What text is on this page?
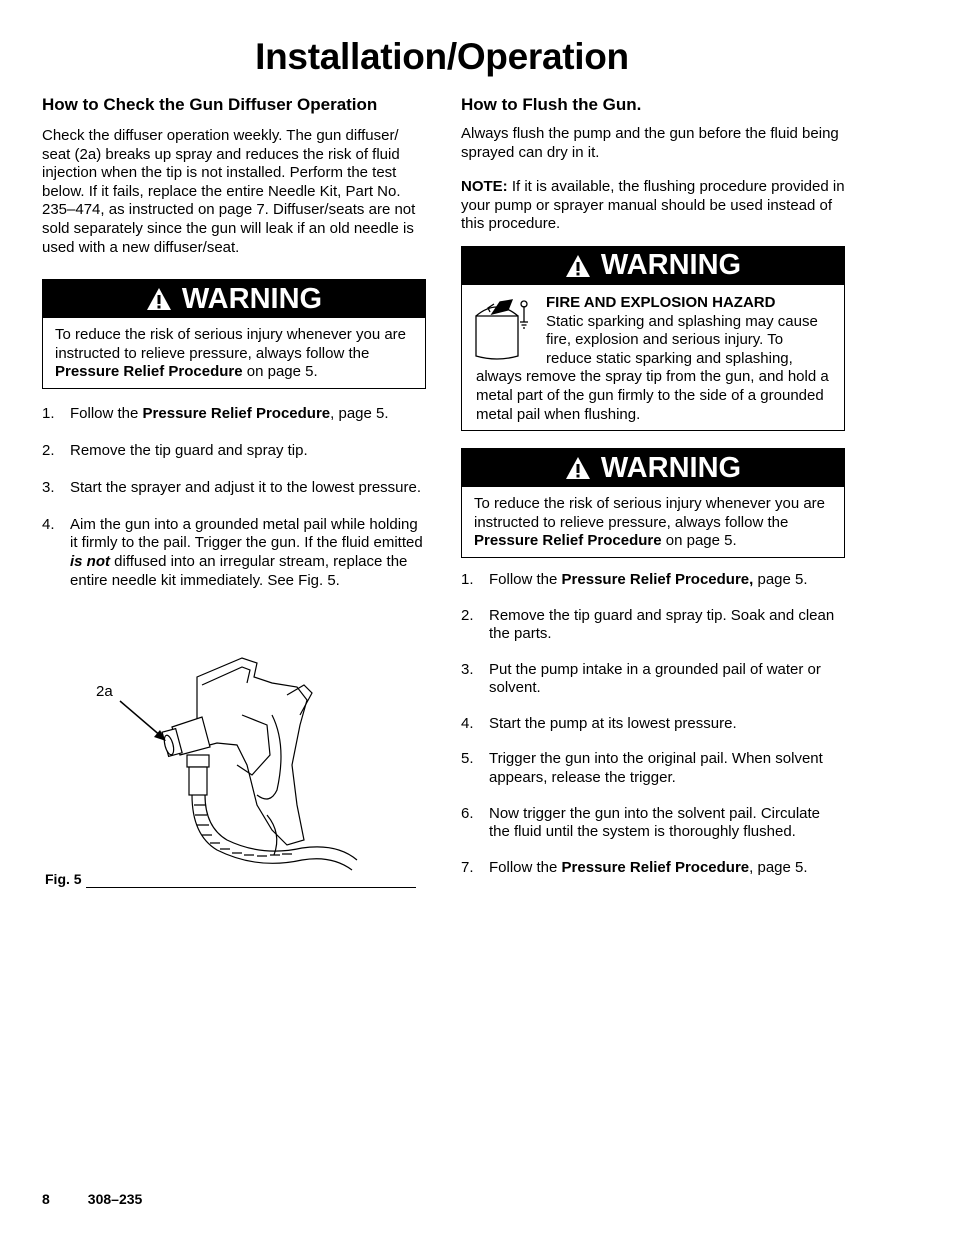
Installation/Operation
How to Check the Gun Diffuser Operation

Check the diffuser operation weekly. The gun diffuser/ seat (2a) breaks up spray and reduces the risk of fluid injection when the tip is not installed. Perform the test below. If it fails, replace the entire Needle Kit, Part No. 235–474, as instructed on page 7. Diffuser/seats are not sold separately since the gun will leak if an old needle is used with a new diffuser/seat.

WARNING
To reduce the risk of serious injury whenever you are instructed to relieve pressure, always follow the Pressure Relief Procedure on page 5.
1. Follow the Pressure Relief Procedure, page 5.
2. Remove the tip guard and spray tip.
3. Start the sprayer and adjust it to the lowest pressure.
4. Aim the gun into a grounded metal pail while holding it firmly to the pail. Trigger the gun. If the fluid emitted is not diffused into an irregular stream, replace the entire needle kit immediately. See Fig. 5.
2a
Fig. 5
How to Flush the Gun.

Always flush the pump and the gun before the fluid being sprayed can dry in it.

NOTE: If it is available, the flushing procedure provided in your pump or sprayer manual should be used instead of this procedure.

WARNING
FIRE AND EXPLOSION HAZARD
Static sparking and splashing may cause fire, explosion and serious injury. To reduce static sparking and splashing, always remove the spray tip from the gun, and hold a metal part of the gun firmly to the side of a grounded metal pail when flushing.
WARNING
To reduce the risk of serious injury whenever you are instructed to relieve pressure, always follow the Pressure Relief Procedure on page 5.
1. Follow the Pressure Relief Procedure, page 5.
2. Remove the tip guard and spray tip. Soak and clean the parts.
3. Put the pump intake in a grounded pail of water or solvent.
4. Start the pump at its lowest pressure.
5. Trigger the gun into the original pail. When solvent appears, release the trigger.
6. Now trigger the gun into the solvent pail. Circulate the fluid until the system is thoroughly flushed.
7. Follow the Pressure Relief Procedure, page 5.
8	308–235
